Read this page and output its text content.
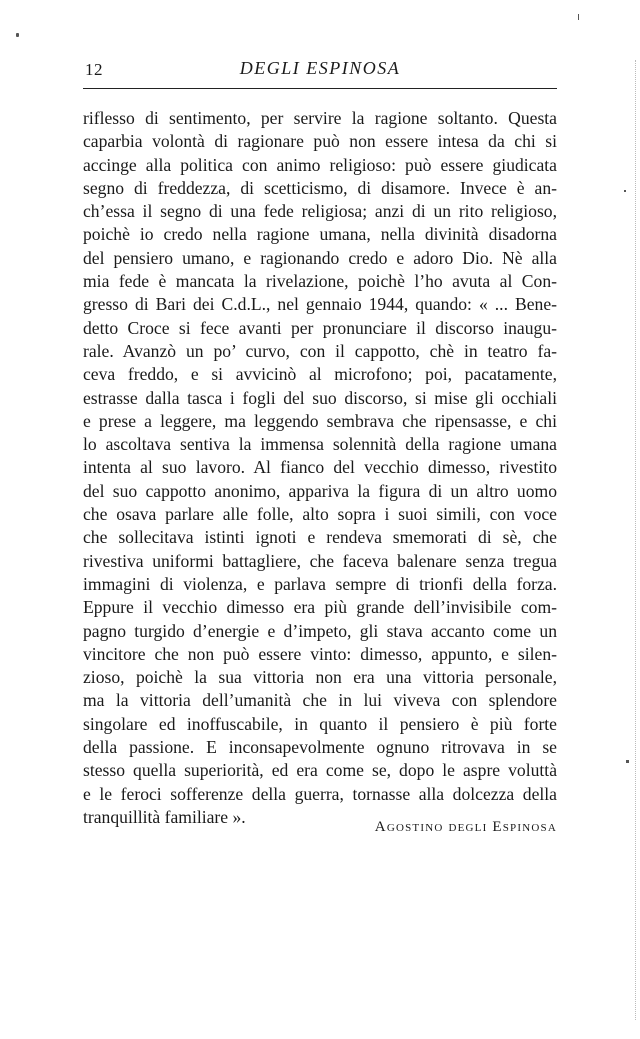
12	DEGLI ESPINOSA
riflesso di sentimento, per servire la ragione soltanto. Questa
caparbia volontà di ragionare può non essere intesa da chi si
accinge alla politica con animo religioso: può essere giudicata
segno di freddezza, di scetticismo, di disamore. Invece è an-
ch’essa il segno di una fede religiosa; anzi di un rito religioso,
poichè io credo nella ragione umana, nella divinità disadorna
del pensiero umano, e ragionando credo e adoro Dio. Nè alla
mia fede è mancata la rivelazione, poichè l’ho avuta al Con-
gresso di Bari dei C.d.L., nel gennaio 1944, quando: « ... Bene-
detto Croce si fece avanti per pronunciare il discorso inaugu-
rale. Avanzò un po’ curvo, con il cappotto, chè in teatro fa-
ceva freddo, e si avvicinò al microfono; poi, pacatamente,
estrasse dalla tasca i fogli del suo discorso, si mise gli occhiali
e prese a leggere, ma leggendo sembrava che ripensasse, e chi
lo ascoltava sentiva la immensa solennità della ragione umana
intenta al suo lavoro. Al fianco del vecchio dimesso, rivestito
del suo cappotto anonimo, appariva la figura di un altro uomo
che osava parlare alle folle, alto sopra i suoi simili, con voce
che sollecitava istinti ignoti e rendeva smemorati di sè, che
rivestiva uniformi battagliere, che faceva balenare senza tregua
immagini di violenza, e parlava sempre di trionfi della forza.
Eppure il vecchio dimesso era più grande dell’invisibile com-
pagno turgido d’energie e d’impeto, gli stava accanto come un
vincitore che non può essere vinto: dimesso, appunto, e silen-
zioso, poichè la sua vittoria non era una vittoria personale,
ma la vittoria dell’umanità che in lui viveva con splendore
singolare ed inoffuscabile, in quanto il pensiero è più forte
della passione. E inconsapevolmente ognuno ritrovava in se
stesso quella superiorità, ed era come se, dopo le aspre voluttà
e le feroci sofferenze della guerra, tornasse alla dolcezza della
tranquillità familiare ».
Agostino degli Espinosa
